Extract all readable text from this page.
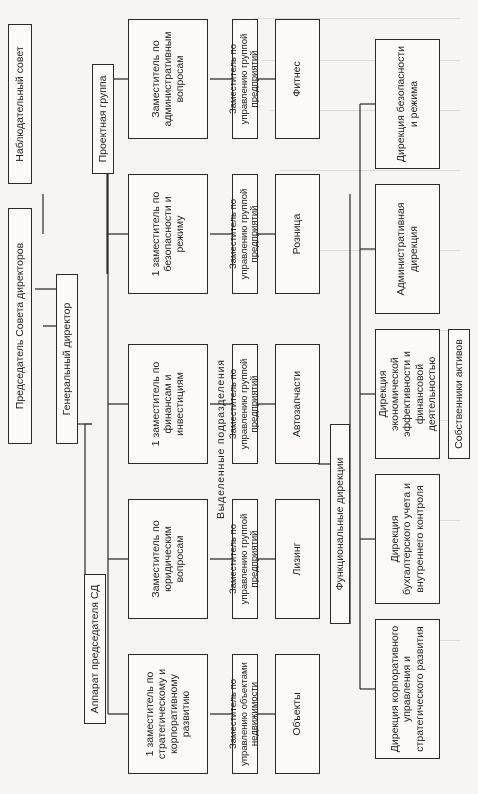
Председатель Совета директоров
Наблюдательный совет
Генеральный директор
Проектная группа
Аппарат председателя СД
1 заместитель по стратегическому и корпоративному развитию
Заместитель по юридическим вопросам
1 заместитель по финансам и инвестициям
1 заместитель по безопасности и режиму
Заместитель по административным вопросам
Выделенные подразделения
Заместитель по управлению объектами недвижимости
Заместитель по управлению группой предприятий
Заместитель по управлению группой предприятий
Заместитель по управлению группой предприятий
Заместитель по управлению группой предприятий
Объекты
Лизинг
Автозапчасти
Розница
Фитнес
Функциональные дирекции
Дирекция корпоративного управления и стратегического развития
Дирекция бухгалтерского учета и внутреннего контроля
Дирекция экономической эффективности и финансовой деятельностью
Административная дирекция
Дирекция безопасности и режима
Собственники активов
